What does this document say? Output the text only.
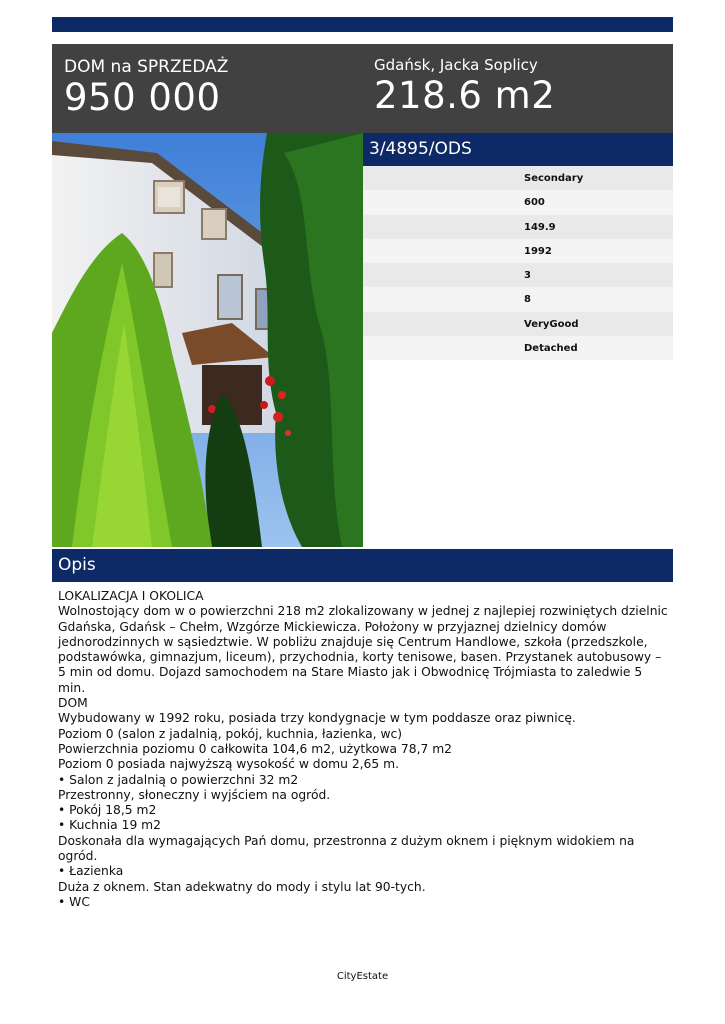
DOM na SPRZEDAŻ
950 000
Gdańsk, Jacka Soplicy
218.6 m2
3/4895/ODS
Secondary
600
149.9
1992
3
8
VeryGood
Detached
Opis
LOKALIZACJA I OKOLICA
Wolnostojący dom w o powierzchni 218 m2 zlokalizowany w jednej z najlepiej rozwiniętych dzielnic Gdańska, Gdańsk – Chełm, Wzgórze Mickiewicza. Położony w przyjaznej dzielnicy domów jednorodzinnych w sąsiedztwie. W pobliżu znajduje się Centrum Handlowe, szkoła (przedszkole, podstawówka, gimnazjum, liceum), przychodnia, korty tenisowe, basen. Przystanek autobusowy – 5 min od domu. Dojazd samochodem na Stare Miasto jak i Obwodnicę Trójmiasta to zaledwie 5 min.
DOM
Wybudowany w 1992 roku, posiada trzy kondygnacje w tym poddasze oraz piwnicę.
Poziom 0 (salon z jadalnią, pokój, kuchnia, łazienka, wc)
Powierzchnia poziomu 0 całkowita 104,6 m2, użytkowa 78,7 m2
Poziom 0 posiada najwyższą wysokość w domu 2,65 m.
• Salon z jadalnią o powierzchni 32 m2
Przestronny, słoneczny i wyjściem na ogród.
• Pokój 18,5 m2
• Kuchnia 19 m2
Doskonała dla wymagających Pań domu, przestronna z dużym oknem i pięknym widokiem na ogród.
• Łazienka
Duża z oknem. Stan adekwatny do mody i stylu lat 90-tych.
• WC
CityEstate
